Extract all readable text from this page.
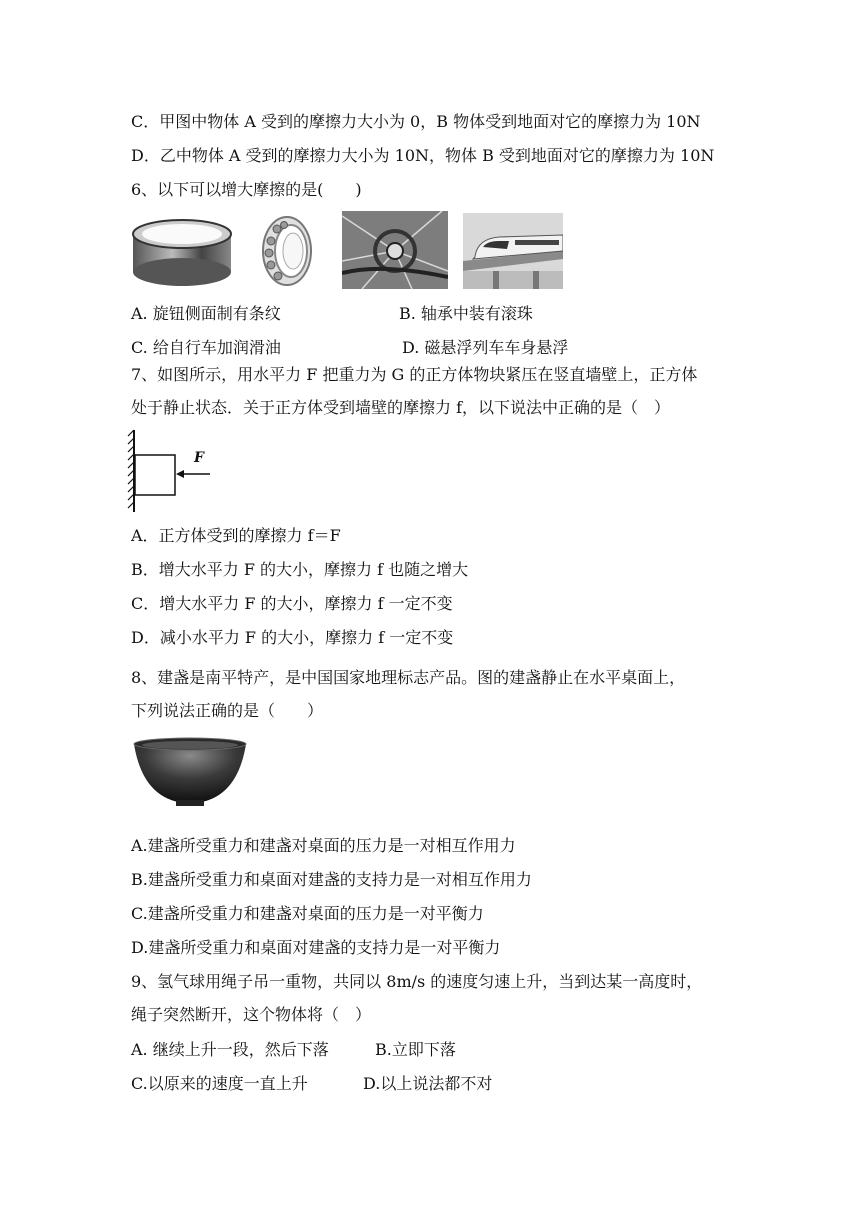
C．甲图中物体 A 受到的摩擦力大小为 0，B 物体受到地面对它的摩擦力为 10N
D．乙中物体 A 受到的摩擦力大小为 10N，物体 B 受到地面对它的摩擦力为 10N
6、以下可以增大摩擦的是(　　)
A. 旋钮侧面制有条纹	B. 轴承中装有滚珠
C. 给自行车加润滑油	D. 磁悬浮列车车身悬浮
7、如图所示，用水平力 F 把重力为 G 的正方体物块紧压在竖直墙壁上，正方体
处于静止状态．关于正方体受到墙壁的摩擦力 f，以下说法中正确的是（　）
F
A．正方体受到的摩擦力 f＝F
B．增大水平力 F 的大小，摩擦力 f 也随之增大
C．增大水平力 F 的大小，摩擦力 f 一定不变
D．减小水平力 F 的大小，摩擦力 f 一定不变
8、建盏是南平特产，是中国国家地理标志产品。图的建盏静止在水平桌面上，
下列说法正确的是（　　）
A.建盏所受重力和建盏对桌面的压力是一对相互作用力
B.建盏所受重力和桌面对建盏的支持力是一对相互作用力
C.建盏所受重力和建盏对桌面的压力是一对平衡力
D.建盏所受重力和桌面对建盏的支持力是一对平衡力
9、氢气球用绳子吊一重物，共同以 8m/s 的速度匀速上升，当到达某一高度时，
绳子突然断开，这个物体将（　）
A. 继续上升一段，然后下落	B.立即下落
C.以原来的速度一直上升	D.以上说法都不对
